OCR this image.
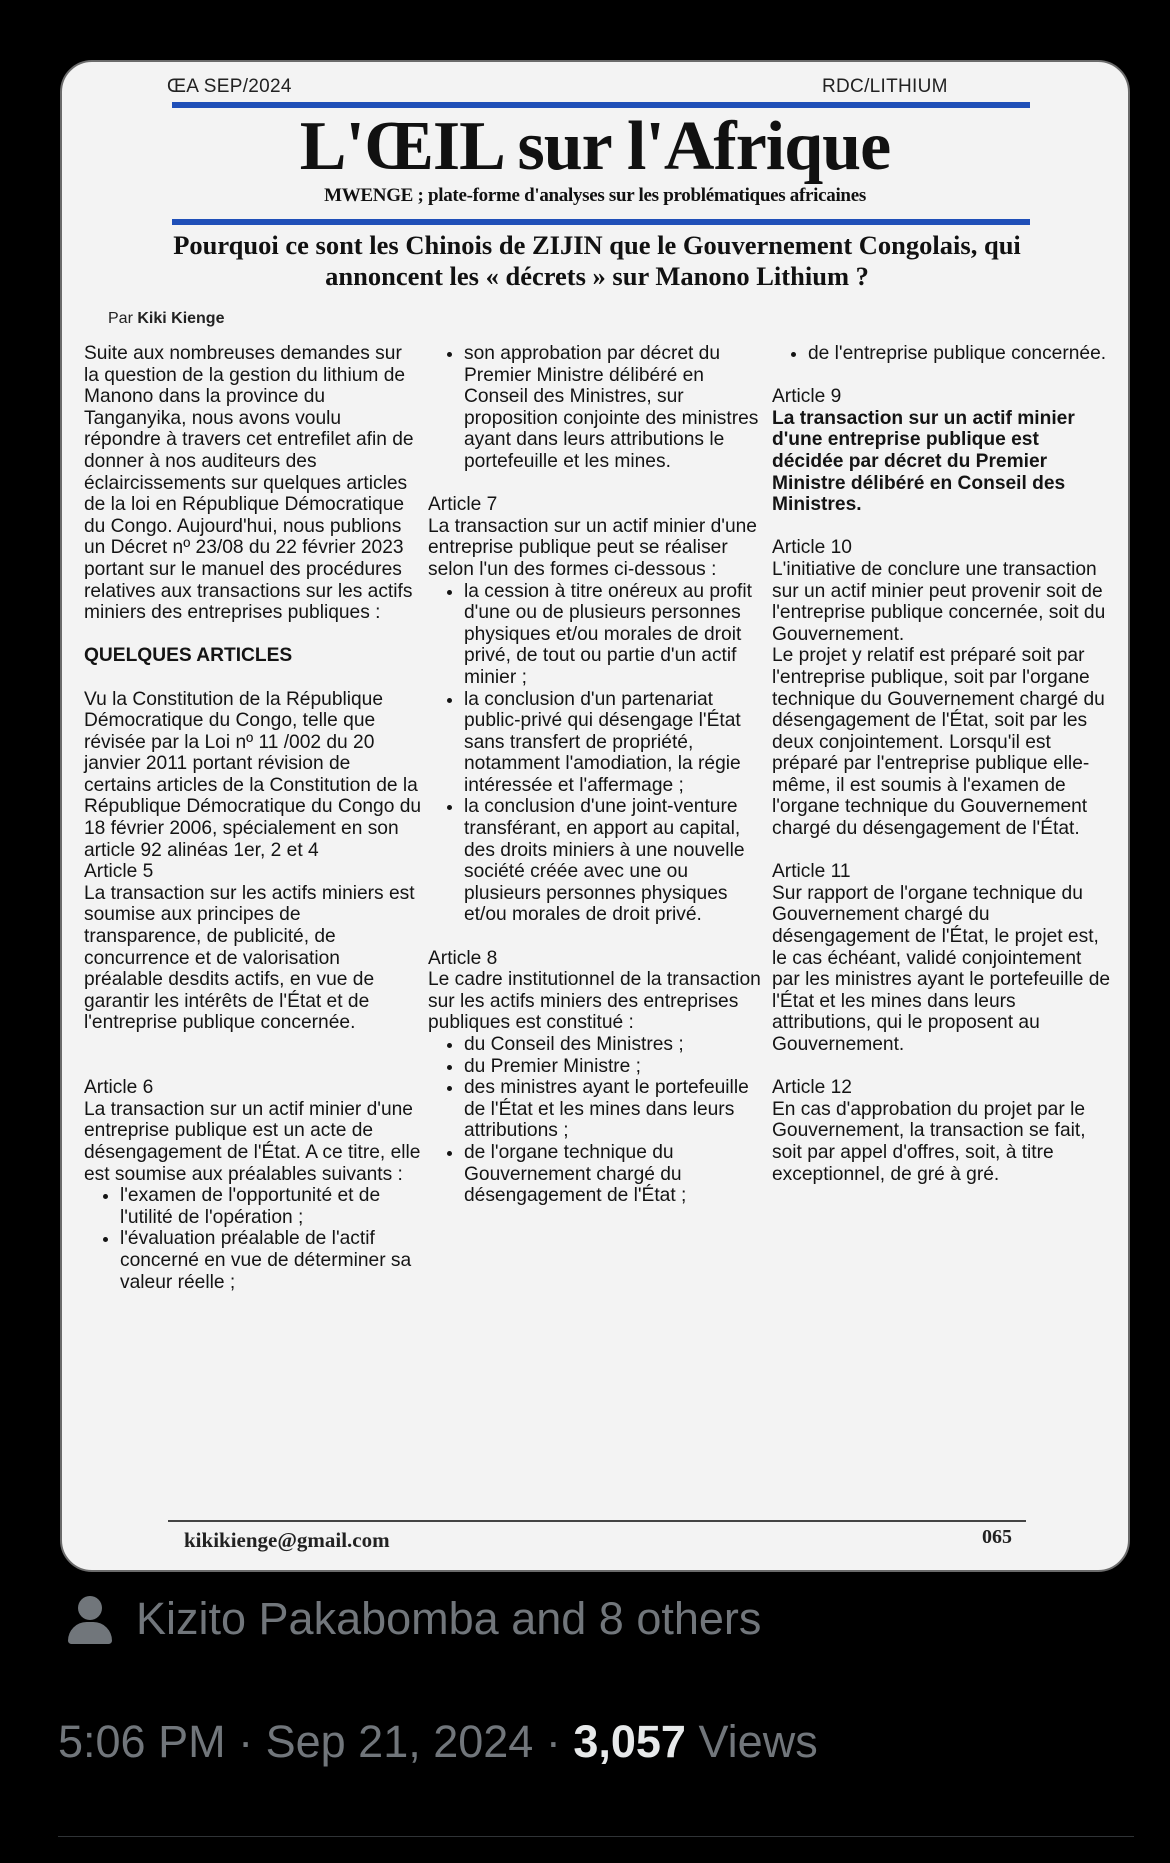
ŒA SEP/2024	RDC/LITHIUM
L'ŒIL sur l'Afrique
MWENGE ; plate-forme d'analyses sur les problématiques africaines
Pourquoi ce sont les Chinois de ZIJIN que le Gouvernement Congolais, qui
annoncent les « décrets » sur Manono Lithium ?
Par Kiki Kienge

Suite aux nombreuses demandes sur la question de la gestion du lithium de Manono dans la province du Tanganyika, nous avons voulu répondre à travers cet entrefilet afin de donner à nos auditeurs des éclaircissements sur quelques articles de la loi en République Démocratique du Congo. Aujourd'hui, nous publions un Décret nº 23/08 du 22 février 2023 portant sur le manuel des procédures relatives aux transactions sur les actifs miniers des entreprises publiques :

QUELQUES ARTICLES

Vu la Constitution de la République Démocratique du Congo, telle que révisée par la Loi nº 11 /002 du 20 janvier 2011 portant révision de certains articles de la Constitution de la République Démocratique du Congo du 18 février 2006, spécialement en son article 92 alinéas 1er, 2 et 4

Article 5

La transaction sur les actifs miniers est soumise aux principes de transparence, de publicité, de concurrence et de valorisation préalable desdits actifs, en vue de garantir les intérêts de l'État et de l'entreprise publique concernée.

Article 6

La transaction sur un actif minier d'une entreprise publique est un acte de désengagement de l'État. A ce titre, elle est soumise aux préalables suivants :

• l'examen de l'opportunité et de l'utilité de l'opération ;
• l'évaluation préalable de l'actif concerné en vue de déterminer sa valeur réelle ;
• son approbation par décret du Premier Ministre délibéré en Conseil des Ministres, sur proposition conjointe des ministres ayant dans leurs attributions le portefeuille et les mines.

Article 7

La transaction sur un actif minier d'une entreprise publique peut se réaliser selon l'un des formes ci-dessous :

• la cession à titre onéreux au profit d'une ou de plusieurs personnes physiques et/ou morales de droit privé, de tout ou partie d'un actif minier ;
• la conclusion d'un partenariat public-privé qui désengage l'État sans transfert de propriété, notamment l'amodiation, la régie intéressée et l'affermage ;
• la conclusion d'une joint-venture transférant, en apport au capital, des droits miniers à une nouvelle société créée avec une ou plusieurs personnes physiques et/ou morales de droit privé.

Article 8

Le cadre institutionnel de la transaction sur les actifs miniers des entreprises publiques est constitué :

• du Conseil des Ministres ;
• du Premier Ministre ;
• des ministres ayant le portefeuille de l'État et les mines dans leurs attributions ;
• de l'organe technique du Gouvernement chargé du désengagement de l'État ;
• de l'entreprise publique concernée.

Article 9

La transaction sur un actif minier d'une entreprise publique est décidée par décret du Premier Ministre délibéré en Conseil des Ministres.

Article 10

L'initiative de conclure une transaction sur un actif minier peut provenir soit de l'entreprise publique concernée, soit du Gouvernement.

Le projet y relatif est préparé soit par l'entreprise publique, soit par l'organe technique du Gouvernement chargé du désengagement de l'État, soit par les deux conjointement. Lorsqu'il est préparé par l'entreprise publique elle-même, il est soumis à l'examen de l'organe technique du Gouvernement chargé du désengagement de l'État.

Article 11

Sur rapport de l'organe technique du Gouvernement chargé du désengagement de l'État, le projet est, le cas échéant, validé conjointement par les ministres ayant le portefeuille de l'État et les mines dans leurs attributions, qui le proposent au Gouvernement.

Article 12

En cas d'approbation du projet par le Gouvernement, la transaction se fait, soit par appel d'offres, soit, à titre exceptionnel, de gré à gré.

kikikienge@gmail.com	065
Kizito Pakabomba and 8 others
5:06 PM · Sep 21, 2024 · 3,057 Views
